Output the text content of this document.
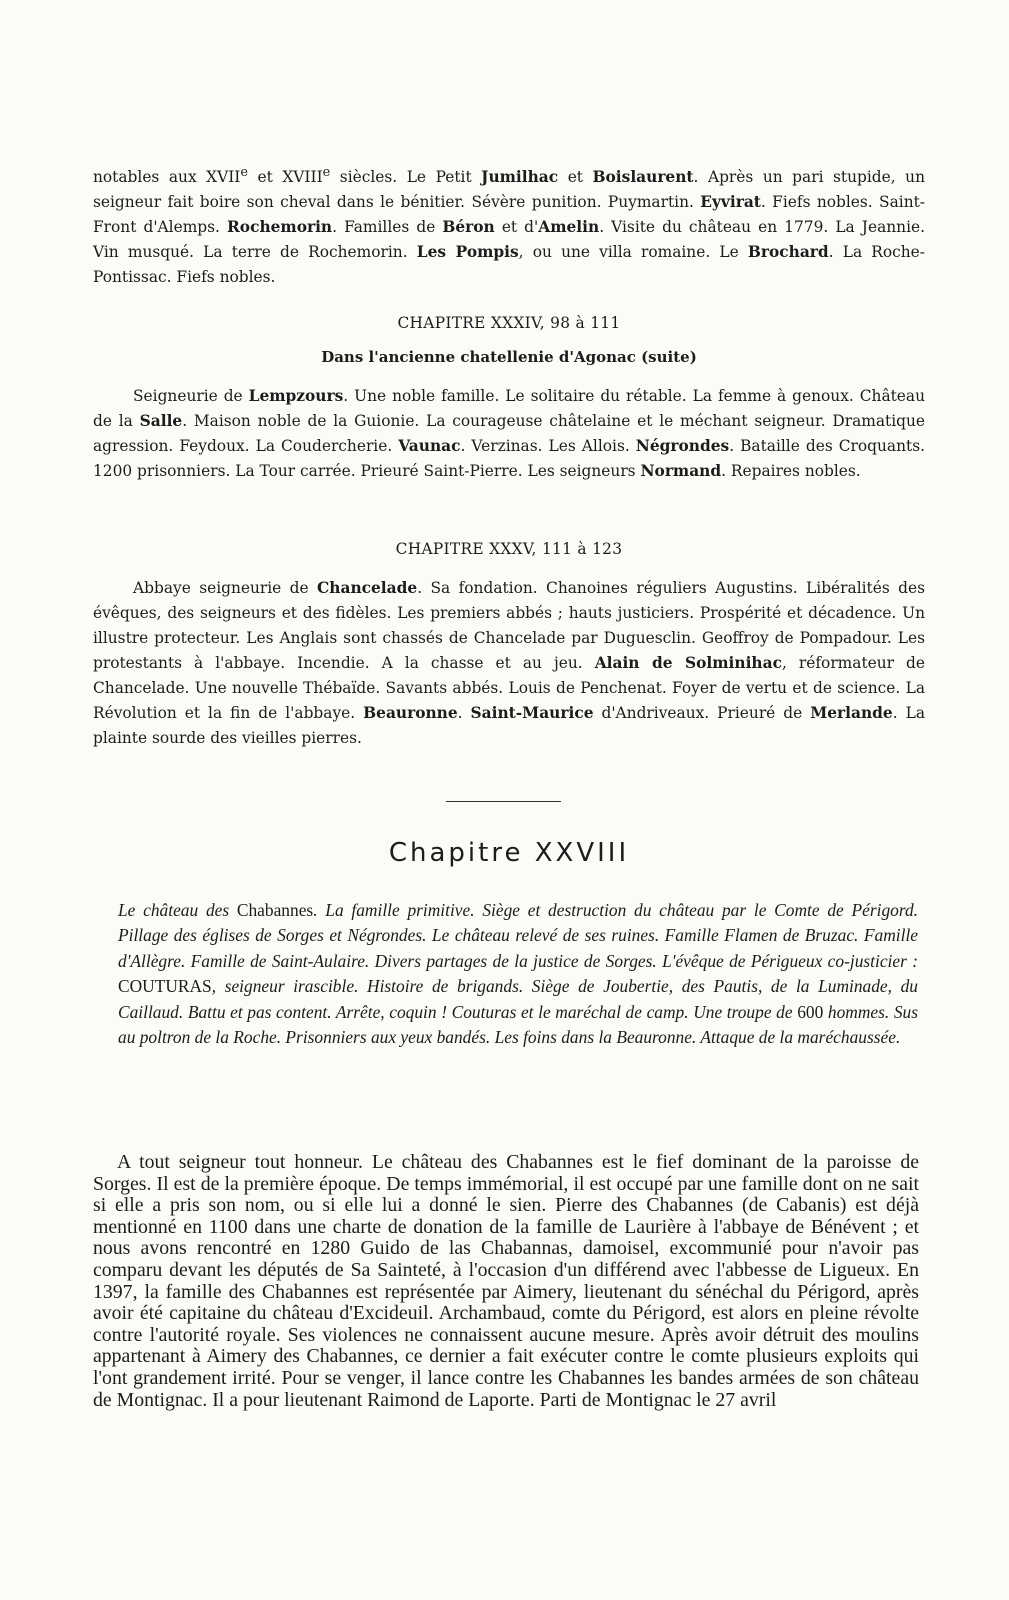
notables aux XVIIe et XVIIIe siècles. Le Petit Jumilhac et Boislaurent. Après un pari stupide, un seigneur fait boire son cheval dans le bénitier. Sévère punition. Puymartin. Eyvirat. Fiefs nobles. Saint-Front d'Alemps. Rochemorin. Familles de Béron et d'Amelin. Visite du château en 1779. La Jeannie. Vin musqué. La terre de Rochemorin. Les Pompis, ou une villa romaine. Le Brochard. La Roche-Pontissac. Fiefs nobles.

CHAPITRE XXXIV, 98 à 111
Dans l'ancienne chatellenie d'Agonac (suite)

Seigneurie de Lempzours. Une noble famille. Le solitaire du rétable. La femme à genoux. Château de la Salle. Maison noble de la Guionie. La courageuse châtelaine et le méchant seigneur. Dramatique agression. Feydoux. La Coudercherie. Vaunac. Verzinas. Les Allois. Négrondes. Bataille des Croquants. 1200 prisonniers. La Tour carrée. Prieuré Saint-Pierre. Les seigneurs Normand. Repaires nobles.

CHAPITRE XXXV, 111 à 123

Abbaye seigneurie de Chancelade. Sa fondation. Chanoines réguliers Augustins. Libéralités des évêques, des seigneurs et des fidèles. Les premiers abbés ; hauts justiciers. Prospérité et décadence. Un illustre protecteur. Les Anglais sont chassés de Chancelade par Duguesclin. Geoffroy de Pompadour. Les protestants à l'abbaye. Incendie. A la chasse et au jeu. Alain de Solminihac, réformateur de Chancelade. Une nouvelle Thébaïde. Savants abbés. Louis de Penchenat. Foyer de vertu et de science. La Révolution et la fin de l'abbaye. Beauronne. Saint-Maurice d'Andriveaux. Prieuré de Merlande. La plainte sourde des vieilles pierres.

Chapitre XXVIII
Le château des Chabannes. La famille primitive. Siège et destruction du château par le Comte de Périgord. Pillage des églises de Sorges et Négrondes. Le château relevé de ses ruines. Famille Flamen de Bruzac. Famille d'Allègre. Famille de Saint-Aulaire. Divers partages de la justice de Sorges. L'évêque de Périgueux co-justicier : COUTURAS, seigneur irascible. Histoire de brigands. Siège de Joubertie, des Pautis, de la Luminade, du Caillaud. Battu et pas content. Arrête, coquin ! Couturas et le maréchal de camp. Une troupe de 600 hommes. Sus au poltron de la Roche. Prisonniers aux yeux bandés. Les foins dans la Beauronne. Attaque de la maréchaussée.

A tout seigneur tout honneur. Le château des Chabannes est le fief dominant de la paroisse de Sorges. Il est de la première époque. De temps immémorial, il est occupé par une famille dont on ne sait si elle a pris son nom, ou si elle lui a donné le sien. Pierre des Chabannes (de Cabanis) est déjà mentionné en 1100 dans une charte de donation de la famille de Laurière à l'abbaye de Bénévent ; et nous avons rencontré en 1280 Guido de las Chabannas, damoisel, excommunié pour n'avoir pas comparu devant les députés de Sa Sainteté, à l'occasion d'un différend avec l'abbesse de Ligueux. En 1397, la famille des Chabannes est représentée par Aimery, lieutenant du sénéchal du Périgord, après avoir été capitaine du château d'Excideuil. Archambaud, comte du Périgord, est alors en pleine révolte contre l'autorité royale. Ses violences ne connaissent aucune mesure. Après avoir détruit des moulins appartenant à Aimery des Chabannes, ce dernier a fait exécuter contre le comte plusieurs exploits qui l'ont grandement irrité. Pour se venger, il lance contre les Chabannes les bandes armées de son château de Montignac. Il a pour lieutenant Raimond de Laporte. Parti de Montignac le 27 avril
